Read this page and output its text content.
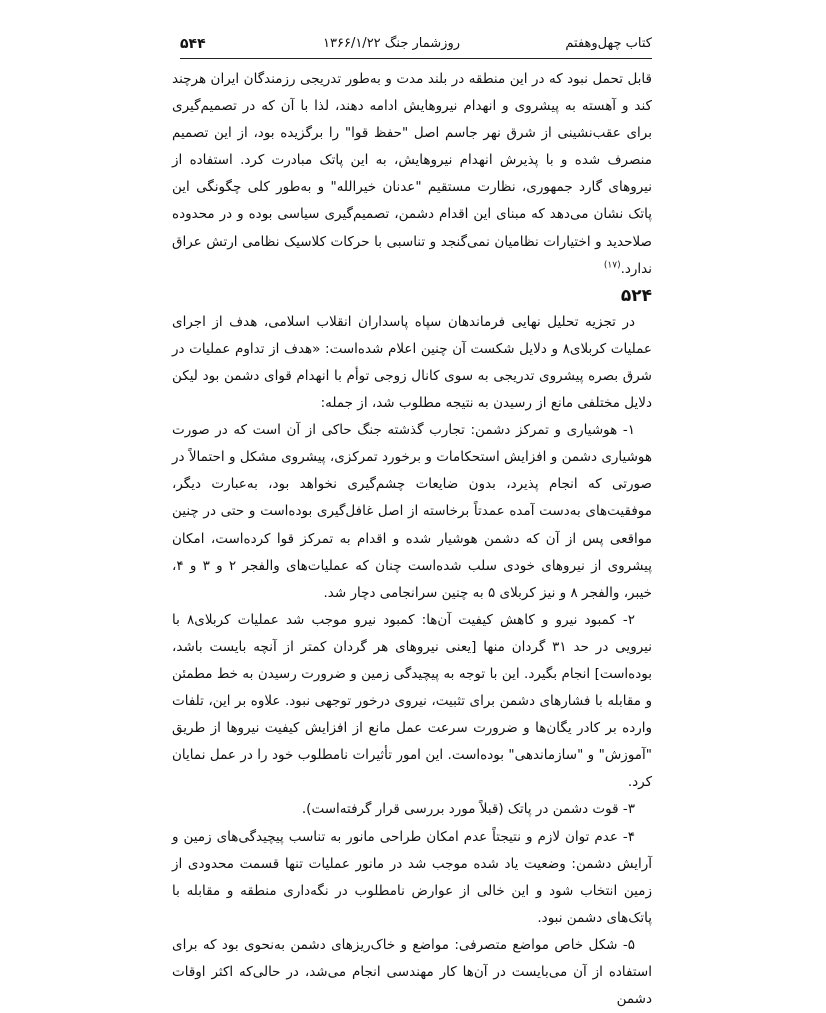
کتاب چهل‌وهفتم
روزشمار جنگ ۱۳۶۶/۱/۲۲
۵۴۴

قابل تحمل نبود که در این منطقه در بلند مدت و به‌طور تدریجی رزمندگان ایران هرچند کند و آهسته به پیشروی و انهدام نیروهایش ادامه دهند، لذا با آن که در تصمیم‌گیری برای عقب‌نشینی از شرق نهر جاسم اصل "حفظ قوا" را برگزیده بود، از این تصمیم منصرف شده و با پذیرش انهدام نیروهایش، به این پاتک مبادرت کرد. استفاده از نیروهای گارد جمهوری، نظارت مستقیم "عدنان خیرالله" و به‌طور کلی چگونگی این پاتک نشان می‌دهد که مبنای این اقدام دشمن، تصمیم‌گیری سیاسی بوده و در محدوده صلاحدید و اختیارات نظامیان نمی‌گنجد و تناسبی با حرکات کلاسیک نظامی ارتش عراق ندارد.$^{(۱۷)}$

۵۲۴

در تجزیه تحلیل نهایی فرماندهان سپاه پاسداران انقلاب اسلامی، هدف از اجرای عملیات کربلای۸ و دلایل شکست آن چنین اعلام شده‌است: «هدف از تداوم عملیات در شرق بصره پیشروی تدریجی به سوی کانال زوجی توأم با انهدام قوای دشمن بود لیکن دلایل مختلفی مانع از رسیدن به نتیجه مطلوب شد، از جمله:

۱- هوشیاری و تمرکز دشمن: تجارب گذشته جنگ حاکی از آن است که در صورت هوشیاری دشمن و افزایش استحکامات و برخورد تمرکزی، پیشروی مشکل و احتمالاً در صورتی که انجام پذیرد، بدون ضایعات چشم‌گیری نخواهد بود، به‌عبارت دیگر، موفقیت‌های به‌دست آمده عمدتاً برخاسته از اصل غافل‌گیری بوده‌است و حتی در چنین مواقعی پس از آن که دشمن هوشیار شده و اقدام به تمرکز قوا کرده‌است، امکان پیشروی از نیروهای خودی سلب شده‌است چنان که عملیات‌های والفجر ۲ و ۳ و ۴، خیبر، والفجر ۸ و نیز کربلای ۵ به چنین سرانجامی دچار شد.

۲- کمبود نیرو و کاهش کیفیت آن‌ها: کمبود نیرو موجب شد عملیات کربلای۸ با نیرویی در حد ۳۱ گردان منها [یعنی نیروهای هر گردان کمتر از آنچه بایست باشد، بوده‌است] انجام بگیرد. این با توجه به پیچیدگی زمین و ضرورت رسیدن به خط مطمئن و مقابله با فشارهای دشمن برای تثبیت، نیروی درخور توجهی نبود. علاوه بر این، تلفات وارده بر کادر یگان‌ها و ضرورت سرعت عمل مانع از افزایش کیفیت نیروها از طریق "آموزش" و "سازماندهی" بوده‌است. این امور تأثیرات نامطلوب خود را در عمل نمایان کرد.

۳- قوت دشمن در پاتک (قبلاً مورد بررسی قرار گرفته‌است).

۴- عدم توان لازم و نتیجتاً عدم امکان طراحی مانور به تناسب پیچیدگی‌های زمین و آرایش دشمن: وضعیت یاد شده موجب شد در مانور عملیات تنها قسمت محدودی از زمین انتخاب شود و این خالی از عوارض نامطلوب در نگه‌داری منطقه و مقابله با پاتک‌های دشمن نبود.

۵- شکل خاص مواضع متصرفی: مواضع و خاک‌ریزهای دشمن به‌نحوی بود که برای استفاده از آن می‌بایست در آن‌ها کار مهندسی انجام می‌شد، در حالی‌که اکثر اوقات دشمن
